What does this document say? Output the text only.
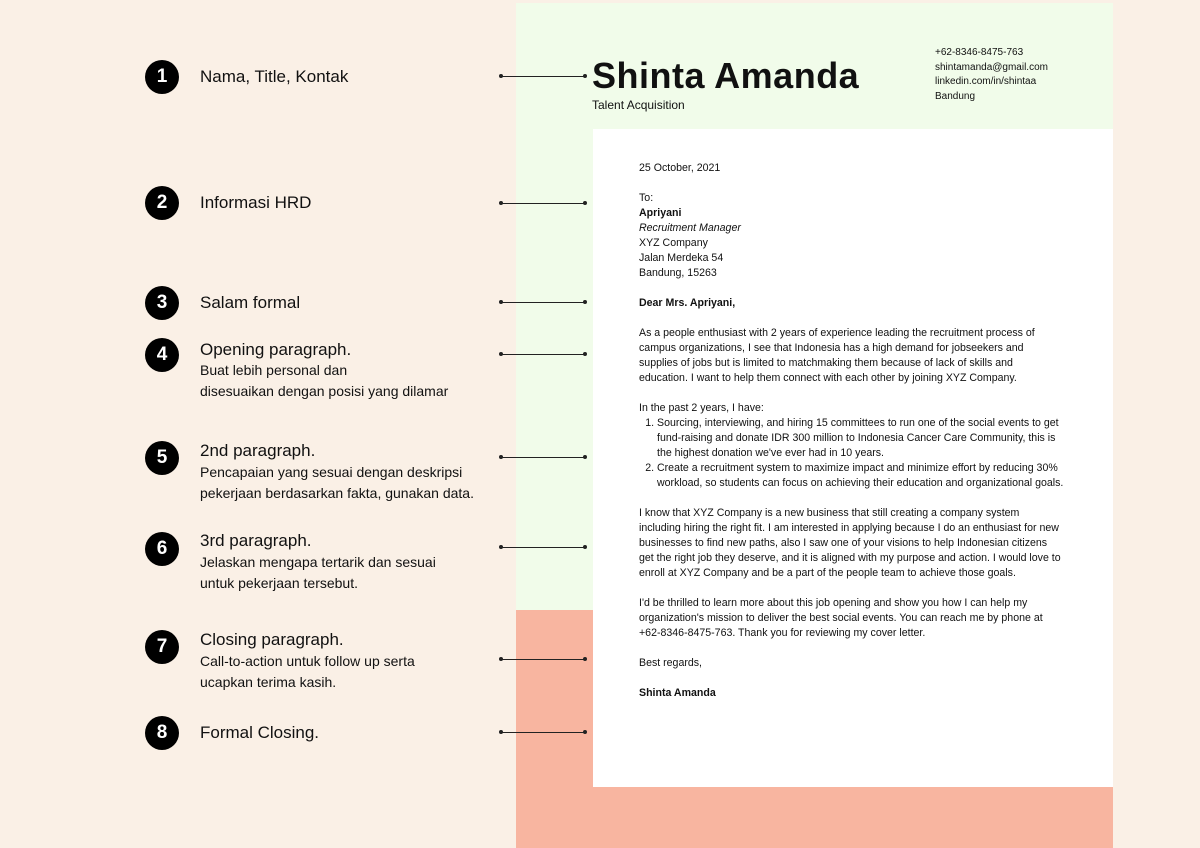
Shinta Amanda
Talent Acquisition
+62-8346-8475-763
shintamanda@gmail.com
linkedin.com/in/shintaa
Bandung
1	Nama, Title, Kontak
2	Informasi HRD
3	Salam formal
4	Opening paragraph.
Buat lebih personal dan
disesuaikan dengan posisi yang dilamar
5	2nd paragraph.
Pencapaian yang sesuai dengan deskripsi
pekerjaan berdasarkan fakta, gunakan data.
6	3rd paragraph.
Jelaskan mengapa tertarik dan sesuai
untuk pekerjaan tersebut.
7	Closing paragraph.
Call-to-action untuk follow up serta
ucapkan terima kasih.
8	Formal Closing.

25 October, 2021

To:

Apriyani

Recruitment Manager

XYZ Company

Jalan Merdeka 54

Bandung, 15263

Dear Mrs. Apriyani,

As a people enthusiast with 2 years of experience leading the recruitment process of campus organizations, I see that Indonesia has a high demand for jobseekers and supplies of jobs but is limited to matchmaking them because of lack of skills and education. I want to help them connect with each other by joining XYZ Company.

In the past 2 years, I have:

1. Sourcing, interviewing, and hiring 15 committees to run one of the social events to get fund-raising and donate IDR 300 million to Indonesia Cancer Care Community, this is the highest donation we've ever had in 10 years.
2. Create a recruitment system to maximize impact and minimize effort by reducing 30% workload, so students can focus on achieving their education and organizational goals.

I know that XYZ Company is a new business that still creating a company system including hiring the right fit. I am interested in applying because I do an enthusiast for new businesses to find new paths, also I saw one of your visions to help Indonesian citizens get the right job they deserve, and it is aligned with my purpose and action. I would love to enroll at XYZ Company and be a part of the people team to achieve those goals.

I'd be thrilled to learn more about this job opening and show you how I can help my organization's mission to deliver the best social events. You can reach me by phone at +62-8346-8475-763. Thank you for reviewing my cover letter.

Best regards,

Shinta Amanda
